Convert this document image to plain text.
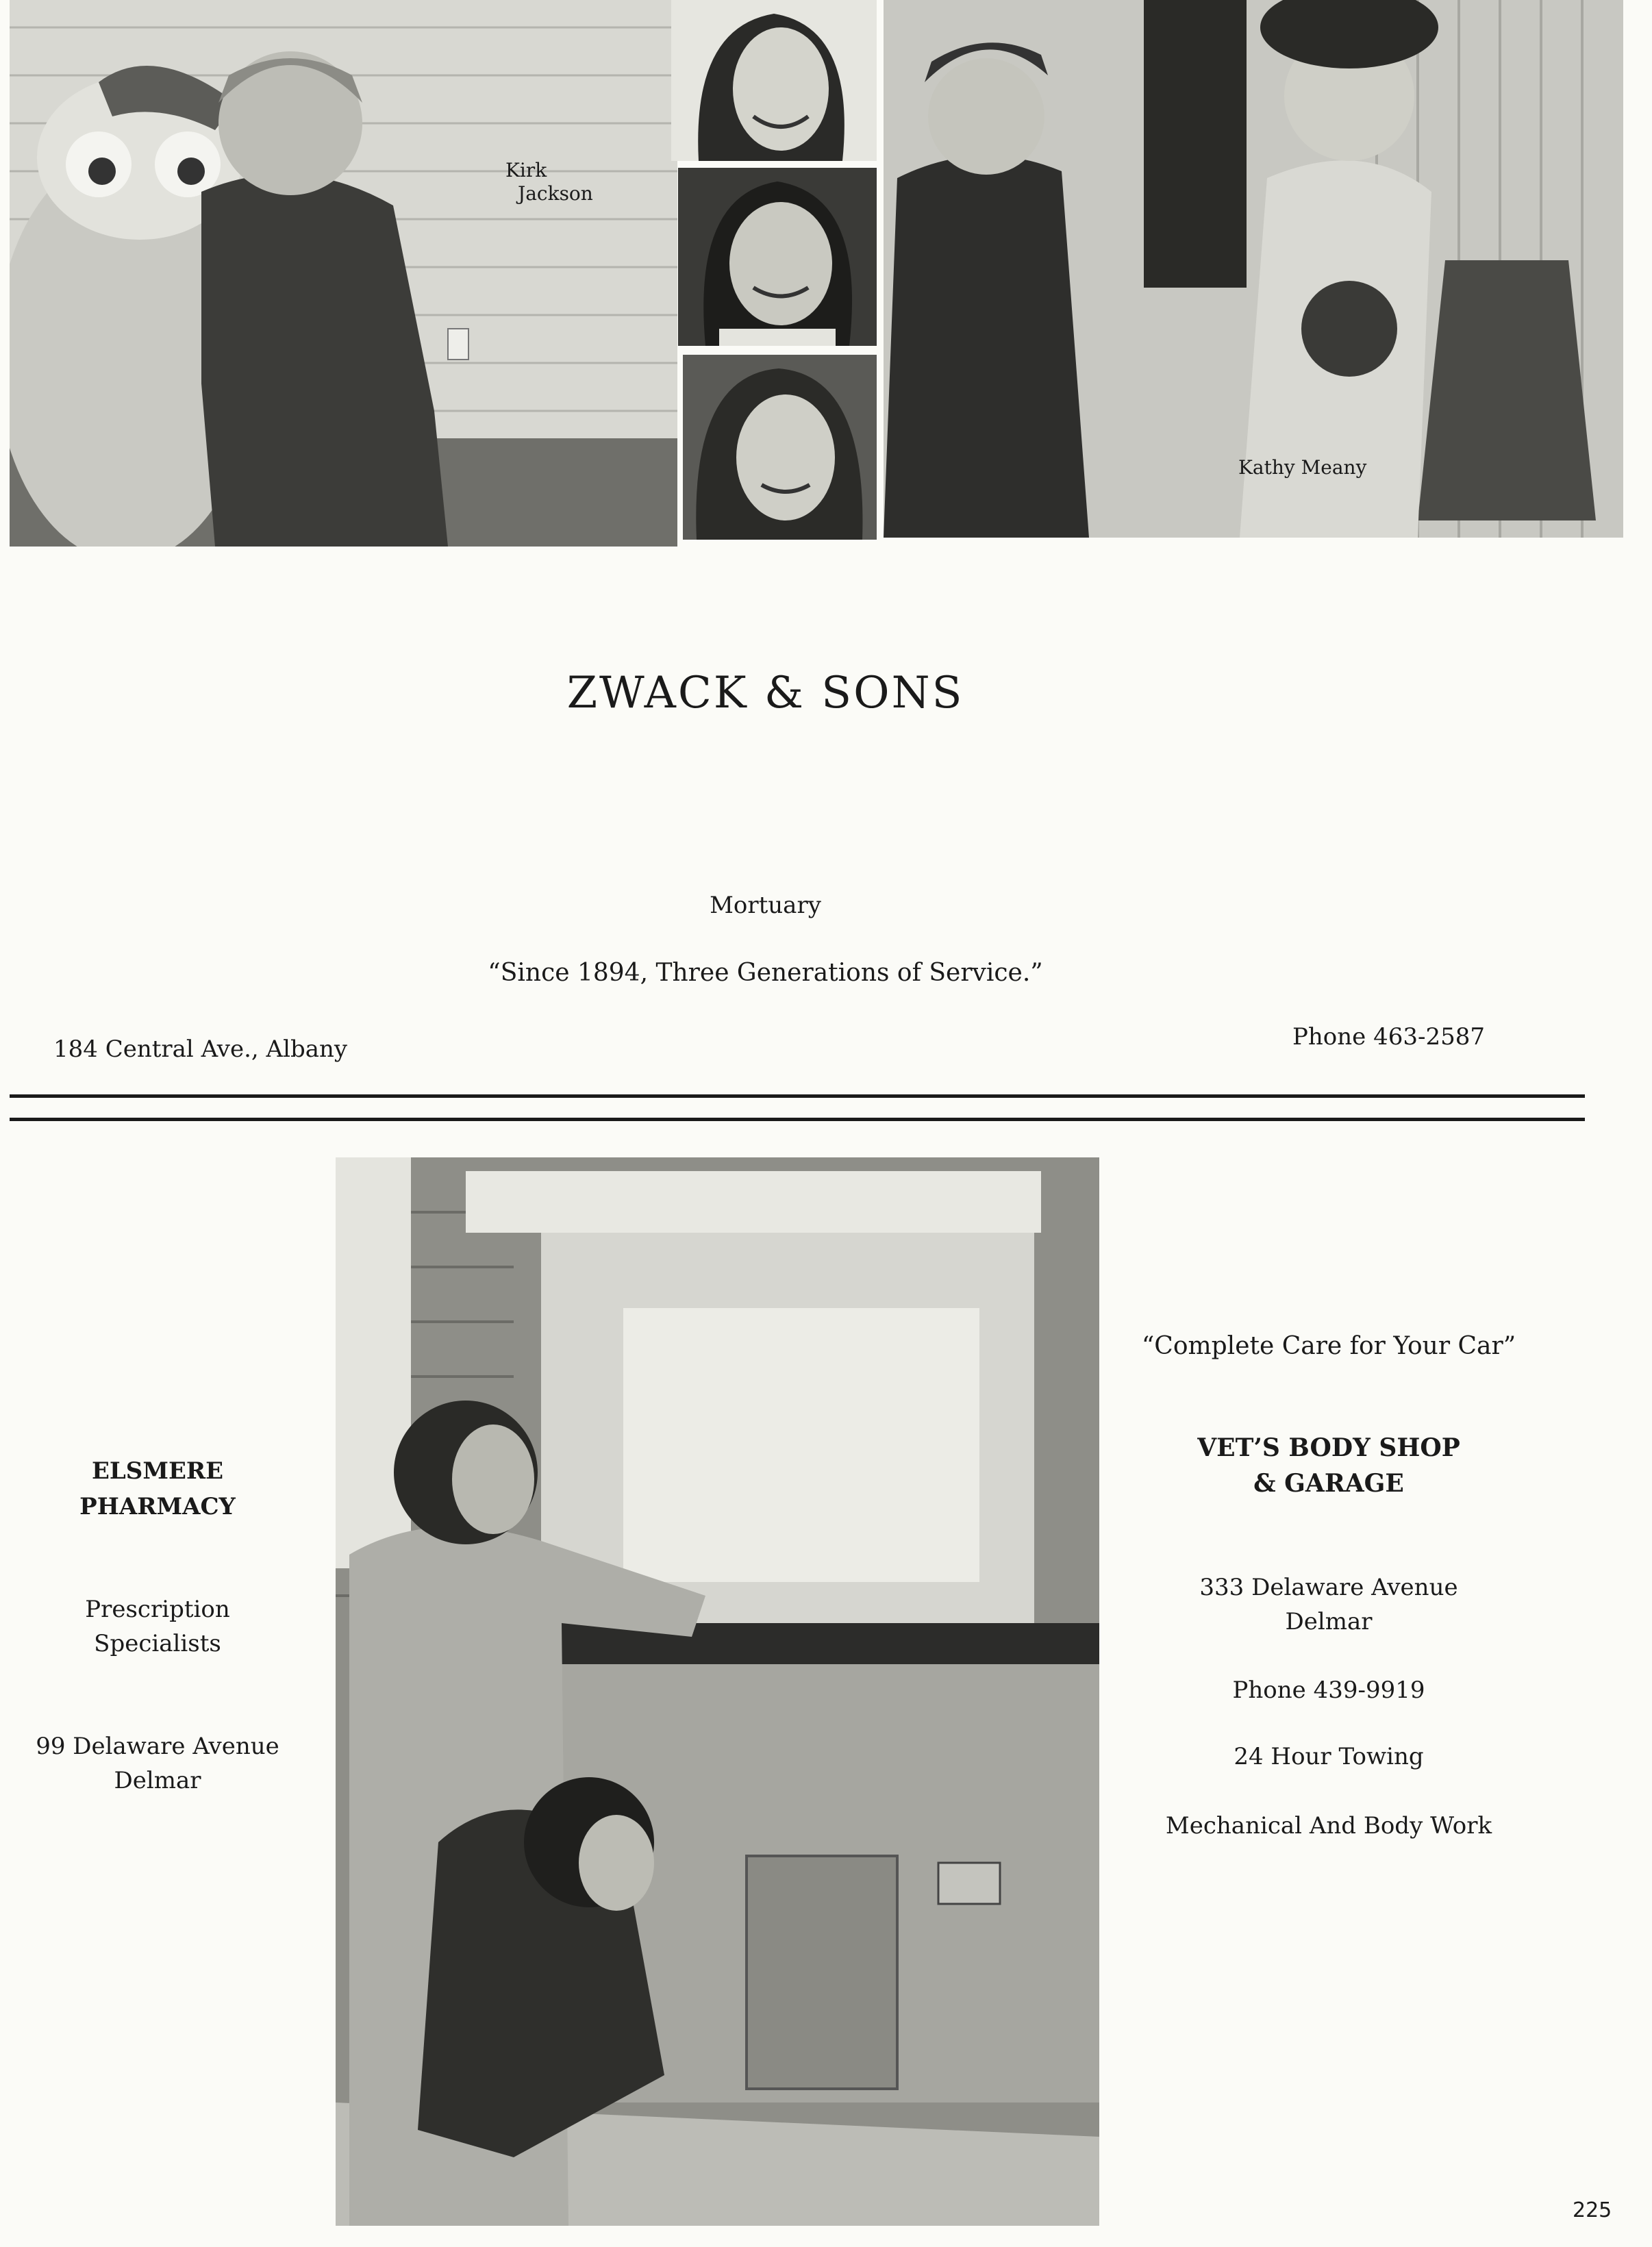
Kirk

Jackson

Kathy Meany

ZWACK & SONS

Mortuary

“Since 1894, Three Generations of Service.”

184 Central Ave., Albany	Phone 463-2587

ELSMERE

PHARMACY

Prescription

Specialists

99 Delaware Avenue

Delmar

“Complete Care for Your Car”

VET’S BODY SHOP

& GARAGE

333 Delaware Avenue

Delmar

Phone 439-9919

24 Hour Towing

Mechanical And Body Work

225
